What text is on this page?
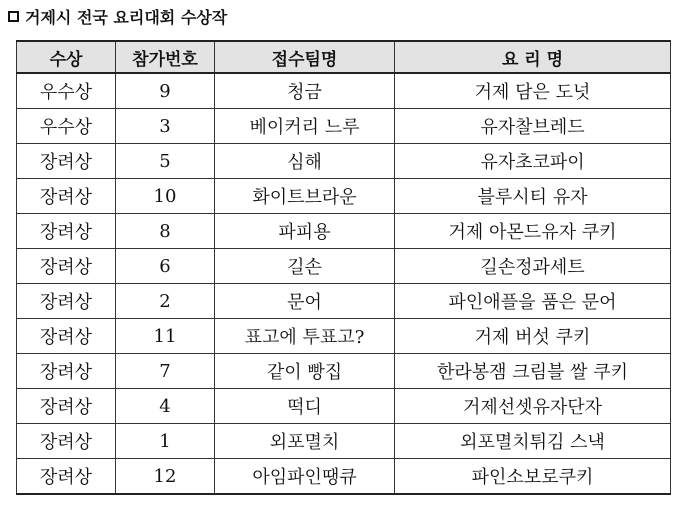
거제시 전국 요리대회 수상작
수상	참가번호	접수팀명	요 리 명
우수상	9	청금	거제 담은 도넛
우수상	3	베이커리 느루	유자찰브레드
장려상	5	심해	유자초코파이
장려상	10	화이트브라운	블루시티 유자
장려상	8	파피용	거제 아몬드유자 쿠키
장려상	6	길손	길손정과세트
장려상	2	문어	파인애플을 품은 문어
장려상	11	표고에 투표고?	거제 버섯 쿠키
장려상	7	같이 빵집	한라봉잼 크림블 쌀 쿠키
장려상	4	떡디	거제선셋유자단자
장려상	1	외포멸치	외포멸치튀김 스낵
장려상	12	아임파인땡큐	파인소보로쿠키
